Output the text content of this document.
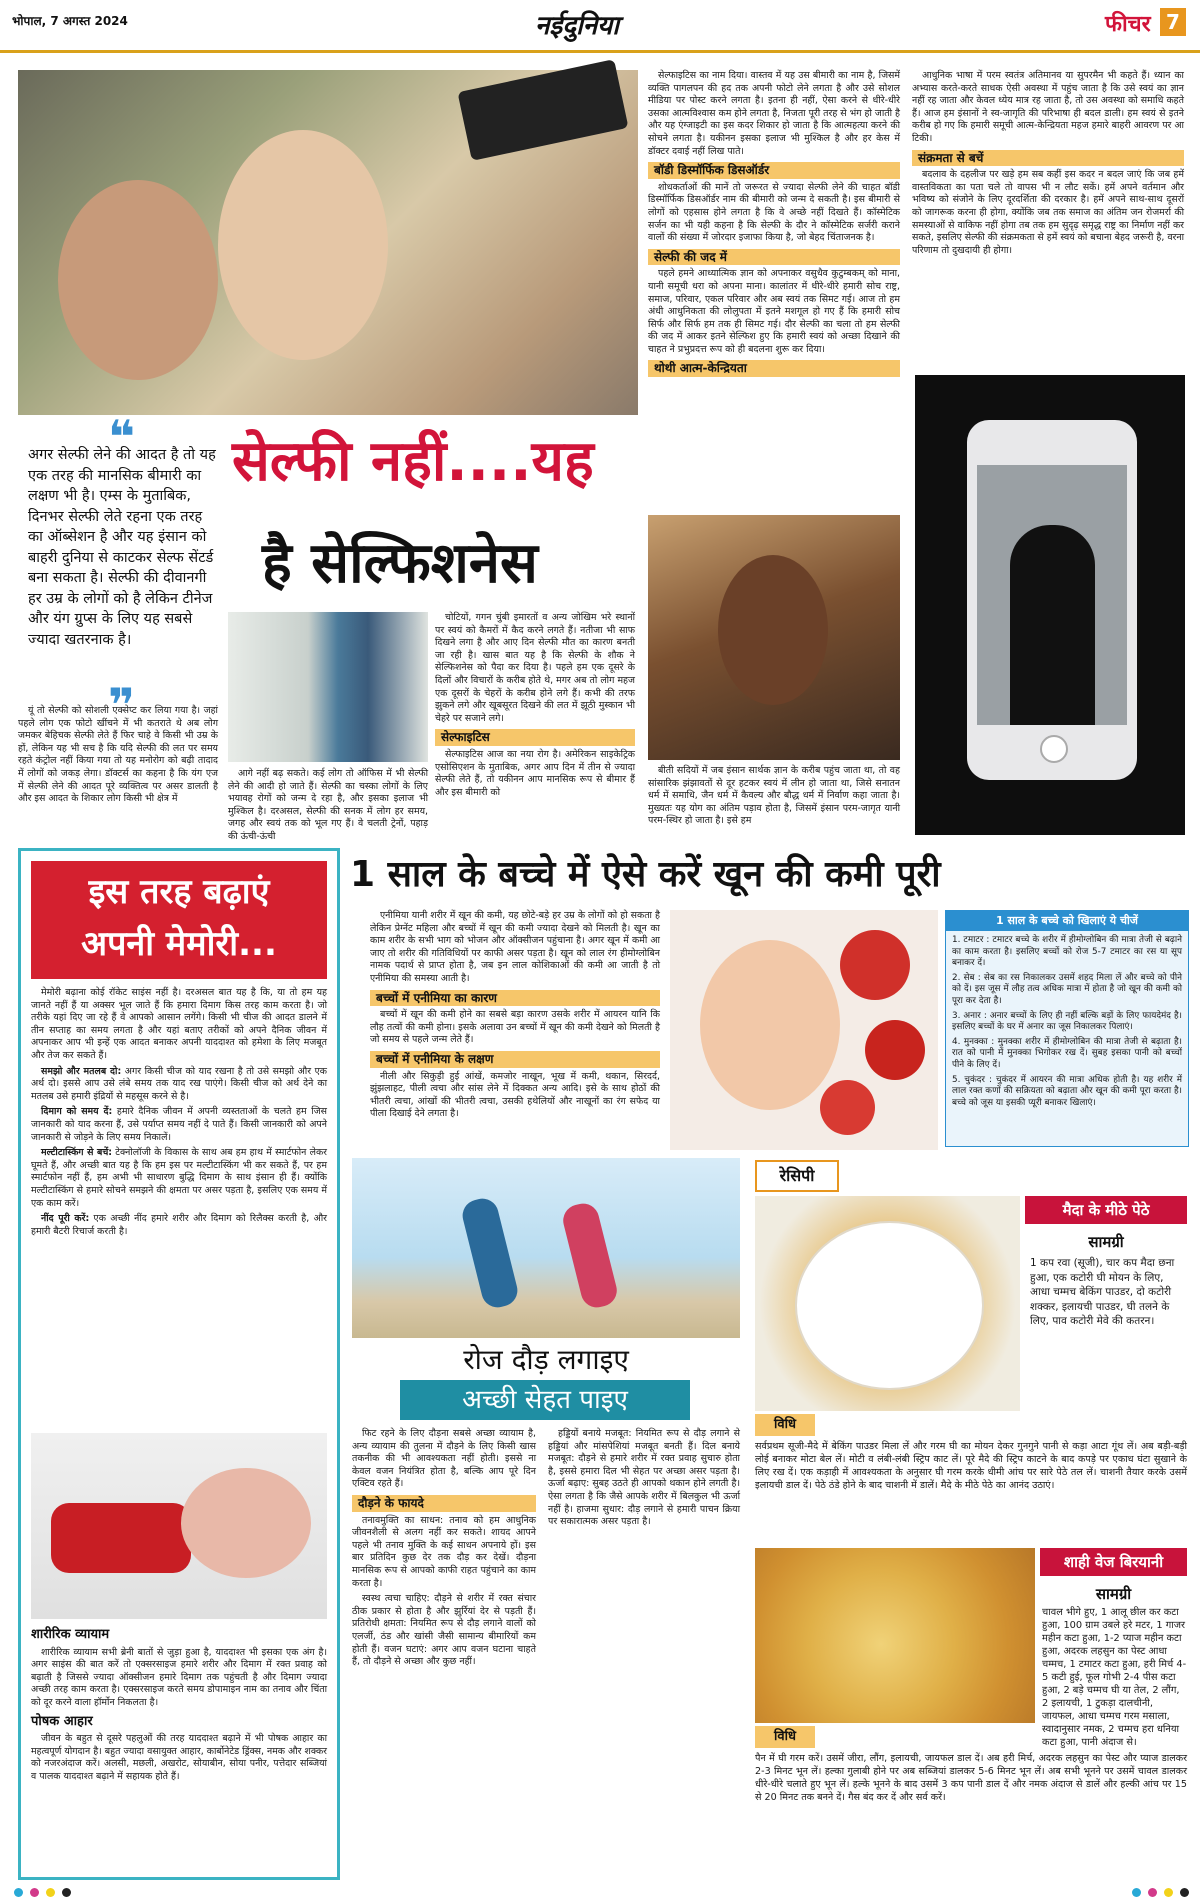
भोपाल, 7 अगस्त 2024	नईदुनिया	फीचर 7
❝
अगर सेल्फी लेने की आदत है तो यह एक तरह की मानसिक बीमारी का लक्षण भी है। एम्स के मुताबिक, दिनभर सेल्फी लेते रहना एक तरह का ऑब्सेशन है और यह इंसान को बाहरी दुनिया से काटकर सेल्फ सेंटर्ड बना सकता है। सेल्फी की दीवानगी हर उम्र के लोगों को है लेकिन टीनेज और यंग ग्रुप्स के लिए यह सबसे ज्यादा खतरनाक है।
❞
सेल्फी नहीं....यह
है सेल्फिशनेस

यूं तो सेल्फी को सोशली एक्सेप्ट कर लिया गया है। जहां पहले लोग एक फोटो खींचने में भी कतराते थे अब लोग जमकर बेहिचक सेल्फी लेते हैं फिर चाहे वे किसी भी उम्र के हों, लेकिन यह भी सच है कि यदि सेल्फी की लत पर समय रहते कंट्रोल नहीं किया गया तो यह मनोरोग को बढ़ी तादाद में लोगों को जकड़ लेगा। डॉक्टर्स का कहना है कि यंग एज में सेल्फी लेने की आदत पूरे व्यक्तित्व पर असर डालती है और इस आदत के शिकार लोग किसी भी क्षेत्र में

आगे नहीं बढ़ सकते। कई लोग तो ऑफिस में भी सेल्फी लेने की आदी हो जाते हैं। सेल्फी का चस्का लोगों के लिए भयावह रोगों को जन्म दे रहा है, और इसका इलाज भी मुश्किल है। दरअसल, सेल्फी की सनक में लोग हर समय, जगह और स्वयं तक को भूल गए हैं। वे चलती ट्रेनों, पहाड़ की ऊंची-ऊंची

चोटियों, गगन चुंबी इमारतों व अन्य जोखिम भरे स्थानों पर स्वयं को कैमरों में कैद करने लगते हैं। नतीजा भी साफ दिखने लगा है और आए दिन सेल्फी मौत का कारण बनती जा रही है। खास बात यह है कि सेल्फी के शौक ने सेल्फिशनेस को पैदा कर दिया है। पहले हम एक दूसरे के दिलों और विचारों के करीब होते थे, मगर अब तो लोग महज एक दूसरों के चेहरों के करीब होने लगे हैं। कभी की तरफ झुकने लगे और खूबसूरत दिखने की लत में झूठी मुस्कान भी चेहरे पर सजाने लगे।

सेल्फाइटिस

सेल्फाइटिस आज का नया रोग है। अमेरिकन साइकेट्रिक एसोसिएशन के मुताबिक, अगर आप दिन में तीन से ज्यादा सेल्फी लेते हैं, तो यकीनन आप मानसिक रूप से बीमार हैं और इस बीमारी को

सेल्फाइटिस का नाम दिया। वास्तव में यह उस बीमारी का नाम है, जिसमें व्यक्ति पागलपन की हद तक अपनी फोटो लेने लगता है और उसे सोशल मीडिया पर पोस्ट करने लगता है। इतना ही नहीं, ऐसा करने से धीरे-धीरे उसका आत्मविश्वास कम होने लगता है, निजता पूरी तरह से भंग हो जाती है और यह एंग्जाइटी का इस कदर शिकार हो जाता है कि आत्महत्या करने की सोचने लगता है। यकीनन इसका इलाज भी मुश्किल है और हर केस में डॉक्टर दवाई नहीं लिख पाते।

बॉडी डिस्मॉर्फिक डिसऑर्डर

शोधकर्ताओं की मानें तो जरूरत से ज्यादा सेल्फी लेने की चाहत बॉडी डिस्मॉर्फिक डिसऑर्डर नाम की बीमारी को जन्म दे सकती है। इस बीमारी से लोगों को एहसास होने लगता है कि वे अच्छे नहीं दिखते हैं। कॉस्मेटिक सर्जन का भी यही कहना है कि सेल्फी के दौर ने कॉस्मेटिक सर्जरी कराने वालों की संख्या में जोरदार इजाफा किया है, जो बेहद चिंताजनक है।

सेल्फी की जद में

पहले हमने आध्यात्मिक ज्ञान को अपनाकर वसुधैव कुटुम्बकम् को माना, यानी समूची धरा को अपना माना। कालांतर में धीरे-धीरे हमारी सोच राष्ट्र, समाज, परिवार, एकल परिवार और अब स्वयं तक सिमट गई। आज तो हम अंधी आधुनिकता की लोलुपता में इतने मशगूल हो गए हैं कि हमारी सोच सिर्फ और सिर्फ हम तक ही सिमट गई। दौर सेल्फी का चला तो हम सेल्फी की जद में आकर इतने सेल्फिश हुए कि हमारी स्वयं को अच्छा दिखाने की चाहत ने प्रभुप्रदत्त रूप को ही बदलना शुरू कर दिया।

थोथी आत्म-केन्द्रियता

बीती सदियों में जब इंसान सार्थक ज्ञान के करीब पहुंच जाता था, तो वह सांसारिक झंझावतों से दूर हटकर स्वयं में लीन हो जाता था, जिसे सनातन धर्म में समाधि, जैन धर्म में कैवल्य और बौद्ध धर्म में निर्वाण कहा जाता है। मुख्यतः यह योग का अंतिम पड़ाव होता है, जिसमें इंसान परम-जागृत यानी परम-स्थिर हो जाता है। इसे हम

आधुनिक भाषा में परम स्वतंत्र अतिमानव या सुपरमैन भी कहते हैं। ध्यान का अभ्यास करते-करते साधक ऐसी अवस्था में पहुंच जाता है कि उसे स्वयं का ज्ञान नहीं रह जाता और केवल ध्येय मात्र रह जाता है, तो उस अवस्था को समाधि कहते हैं। आज हम इंसानों ने स्व-जागृति की परिभाषा ही बदल डाली। हम स्वयं से इतने करीब हो गए कि हमारी समूची आत्म-केन्द्रियता महज हमारे बाहरी आवरण पर आ टिकी।

संक्रमता से बचें

बदलाव के दहलीज पर खड़े हम सब कहीं इस कदर न बदल जाएं कि जब हमें वास्तविकता का पता चले तो वापस भी न लौट सकें। हमें अपने वर्तमान और भविष्य को संजोने के लिए दूरदर्शिता की दरकार है। हमें अपने साथ-साथ दूसरों को जागरूक करना ही होगा, क्योंकि जब तक समाज का अंतिम जन रोजमर्रा की समस्याओं से वाकिफ नहीं होगा तब तक हम सुदृढ़ समृद्ध राष्ट्र का निर्माण नहीं कर सकते, इसलिए सेल्फी की संक्रमकता से हमें स्वयं को बचाना बेहद जरूरी है, वरना परिणाम तो दुखदायी ही होगा।

इस तरह बढ़ाएं
अपनी मेमोरी...

मेमोरी बढ़ाना कोई रॉकेट साइंस नहीं है। दरअसल बात यह है कि, या तो हम यह जानते नहीं हैं या अक्सर भूल जाते हैं कि हमारा दिमाग किस तरह काम करता है। जो तरीके यहां दिए जा रहे हैं वे आपको आसान लगेंगे। किसी भी चीज की आदत डालने में तीन सप्ताह का समय लगता है और यहां बताए तरीकों को अपने दैनिक जीवन में अपनाकर आप भी इन्हें एक आदत बनाकर अपनी याददाश्त को हमेशा के लिए मजबूत और तेज कर सकते हैं।

समझो और मतलब दो: अगर किसी चीज को याद रखना है तो उसे समझो और एक अर्थ दो। इससे आप उसे लंबे समय तक याद रख पाएंगे। किसी चीज को अर्थ देने का मतलब उसे हमारी इंद्रियों से महसूस करने से है।

दिमाग को समय दें: हमारे दैनिक जीवन में अपनी व्यस्तताओं के चलते हम जिस जानकारी को याद करना हैं, उसे पर्याप्त समय नहीं दे पाते हैं। किसी जानकारी को अपने जानकारी से जोड़ने के लिए समय निकालें।

मल्टीटास्किंग से बचें: टेक्नोलॉजी के विकास के साथ अब हम हाथ में स्मार्टफोन लेकर घूमते हैं, और अच्छी बात यह है कि हम इस पर मल्टीटास्किंग भी कर सकते हैं, पर हम स्मार्टफोन नहीं हैं, हम अभी भी साधारण बुद्धि दिमाग के साथ इंसान ही हैं। क्योंकि मल्टीटास्किंग से हमारे सोचने समझने की क्षमता पर असर पड़ता है, इसलिए एक समय में एक काम करें।

नींद पूरी करें: एक अच्छी नींद हमारे शरीर और दिमाग को रिलैक्स करती है, और हमारी बैटरी रिचार्ज करती है।

शारीरिक व्यायाम

शारीरिक व्यायाम सभी ब्रेनी बातों से जुड़ा हुआ है, याददाश्त भी इसका एक अंग है। अगर साइंस की बात करें तो एक्सरसाइज हमारे शरीर और दिमाग में रक्त प्रवाह को बढ़ाती है जिससे ज्यादा ऑक्सीजन हमारे दिमाग तक पहुंचती है और दिमाग ज्यादा अच्छी तरह काम करता है। एक्सरसाइज करते समय डोपामाइन नाम का तनाव और चिंता को दूर करने वाला हॉर्मोन निकलता है।

पोषक आहार

जीवन के बहुत से दूसरे पहलुओं की तरह याददाश्त बढ़ाने में भी पोषक आहार का महत्वपूर्ण योगदान है। बहुत ज्यादा वसायुक्त आहार, कार्बोनेटेड ड्रिंक्स, नमक और शक्कर को नजरअंदाज करें। अलसी, मछली, अखरोट, सोयाबीन, सोया पनीर, पत्तेदार सब्जियां व पालक याददाश्त बढ़ाने में सहायक होते हैं।

1 साल के बच्चे में ऐसे करें खून की कमी पूरी

एनीमिया यानी शरीर में खून की कमी, यह छोटे-बड़े हर उम्र के लोगों को हो सकता है लेकिन प्रेग्नेंट महिला और बच्चों में खून की कमी ज्यादा देखने को मिलती है। खून का काम शरीर के सभी भाग को भोजन और ऑक्सीजन पहुंचाना है। अगर खून में कमी आ जाए तो शरीर की गतिविधियों पर काफी असर पड़ता है। खून को लाल रंग हीमोग्लोबिन नामक पदार्थ से प्राप्त होता है, जब इन लाल कोशिकाओं की कमी आ जाती है तो एनीमिया की समस्या आती है।

बच्चों में एनीमिया का कारण

बच्चों में खून की कमी होने का सबसे बड़ा कारण उसके शरीर में आयरन यानि कि लौह तत्वों की कमी होना। इसके अलावा उन बच्चों में खून की कमी देखने को मिलती है जो समय से पहले जन्म लेते हैं।

बच्चों में एनीमिया के लक्षण

नीली और सिकुड़ी हुई आंखें, कमजोर नाखून, भूख में कमी, थकान, सिरदर्द, झुंझलाहट, पीली त्वचा और सांस लेने में दिक्कत अन्य आदि। इसे के साथ होठों की भीतरी त्वचा, आंखों की भीतरी त्वचा, उसकी हथेलियों और नाखूनों का रंग सफेद या पीला दिखाई देने लगता है।

1 साल के बच्चे को खिलाएं ये चीजें

1. टमाटर : टमाटर बच्चे के शरीर में हीमोग्लोबिन की मात्रा तेजी से बढ़ाने का काम करता है। इसलिए बच्चों को रोज 5-7 टमाटर का रस या सूप बनाकर दें।

2. सेब : सेब का रस निकालकर उसमें शहद मिला लें और बच्चे को पीने को दें। इस जूस में लौह तत्व अधिक मात्रा में होता है जो खून की कमी को पूरा कर देता है।

3. अनार : अनार बच्चों के लिए ही नहीं बल्कि बड़ों के लिए फायदेमंद है। इसलिए बच्चों के घर में अनार का जूस निकालकर पिलाएं।

4. मुनक्का : मुनक्का शरीर में हीमोग्लोबिन की मात्रा तेजी से बढ़ाता है। रात को पानी में मुनक्का भिगोकर रख दें। सुबह इसका पानी को बच्चों पीने के लिए दें।

5. चुकंदर : चुकंदर में आयरन की मात्रा अधिक होती है। यह शरीर में लाल रक्त कणों की सक्रियता को बढ़ाता और खून की कमी पूरा करता है। बच्चे को जूस या इसकी प्यूरी बनाकर खिलाएं।

रोज दौड़ लगाइए
अच्छी सेहत पाइए

फिट रहने के लिए दौड़ना सबसे अच्छा व्यायाम है, अन्य व्यायाम की तुलना में दौड़ने के लिए किसी खास तकनीक की भी आवश्यकता नहीं होती। इससे ना केवल वजन नियंत्रित होता है, बल्कि आप पूरे दिन एक्टिव रहते हैं।

दौड़ने के फायदे

तनावमुक्ति का साधन: तनाव को हम आधुनिक जीवनशैली से अलग नहीं कर सकते। शायद आपने पहले भी तनाव मुक्ति के कई साधन अपनाये हों। इस बार प्रतिदिन कुछ देर तक दौड़ कर देखें। दौड़ना मानसिक रूप से आपको काफी राहत पहुंचाने का काम करता है।

स्वस्थ त्वचा चाहिए: दौड़ने से शरीर में रक्त संचार ठीक प्रकार से होता है और झुर्रियां देर से पड़ती हैं। प्रतिरोधी क्षमता: नियमित रूप से दौड़ लगाने वालों को एलर्जी, ठंड और खांसी जैसी सामान्य बीमारियों कम होती हैं। वजन घटाएं: अगर आप वजन घटाना चाहते हैं, तो दौड़ने से अच्छा और कुछ नहीं।

हड्डियों बनाये मजबूत: नियमित रूप से दौड़ लगाने से हड्डियां और मांसपेशियां मजबूत बनती हैं। दिल बनाये मजबूत: दौड़ने से हमारे शरीर में रक्त प्रवाह सुचारु होता है, इससे हमारा दिल भी सेहत पर अच्छा असर पड़ता है। ऊर्जा बढ़ाए: सुबह उठते ही आपको थकान होने लगती है। ऐसा लगता है कि जैसे आपके शरीर में बिलकुल भी ऊर्जा नहीं है। हाजमा सुधार: दौड़ लगाने से हमारी पाचन क्रिया पर सकारात्मक असर पड़ता है।

रेसिपी
मैदा के मीठे पेठे
सामग्री
1 कप रवा (सूजी), चार कप मैदा छना हुआ, एक कटोरी घी मोयन के लिए, आधा चम्मच बेकिंग पाउडर, दो कटोरी शक्कर, इलायची पाउडर, घी तलने के लिए, पाव कटोरी मेवे की कतरन।
विधि
सर्वप्रथम सूजी-मैदे में बेकिंग पाउडर मिला लें और गरम घी का मोयन देकर गुनगुने पानी से कड़ा आटा गूंथ लें। अब बड़ी-बड़ी लोई बनाकर मोटा बेल लें। मोटी व लंबी-लंबी स्ट्रिप काट लें। पूरे मैदे की स्ट्रिप काटने के बाद कपड़े पर एकाध घंटा सुखाने के लिए रख दें। एक कड़ाही में आवश्यकता के अनुसार घी गरम करके धीमी आंच पर सारे पेठे तल लें। चाशनी तैयार करके उसमें इलायची डाल दें। पेठे ठंडे होने के बाद चाशनी में डालें। मैदे के मीठे पेठे का आनंद उठाएं।
शाही वेज बिरयानी
सामग्री
चावल भीगे हुए, 1 आलू छील कर कटा हुआ, 100 ग्राम उबले हरे मटर, 1 गाजर महीन कटा हुआ, 1-2 प्याज महीन कटा हुआ, अदरक लहसुन का पेस्ट आधा चम्मच, 1 टमाटर कटा हुआ, हरी मिर्च 4-5 कटी हुई, फूल गोभी 2-4 पीस कटा हुआ, 2 बड़े चम्मच घी या तेल, 2 लौंग, 2 इलायची, 1 टुकड़ा दालचीनी, जायफल, आधा चम्मच गरम मसाला, स्वादानुसार नमक, 2 चम्मच हरा धनिया कटा हुआ, पानी अंदाज से।
विधि
पैन में घी गरम करें। उसमें जीरा, लौंग, इलायची, जायफल डाल दें। अब हरी मिर्च, अदरक लहसुन का पेस्ट और प्याज डालकर 2-3 मिनट भून लें। हल्का गुलाबी होने पर अब सब्जियां डालकर 5-6 मिनट भून लें। अब सभी भूनने पर उसमें चावल डालकर धीरे-धीरे चलाते हुए भून लें। हल्के भूनने के बाद उसमें 3 कप पानी डाल दें और नमक अंदाज से डालें और हल्की आंच पर 15 से 20 मिनट तक बनने दें। गैस बंद कर दें और सर्व करें।
